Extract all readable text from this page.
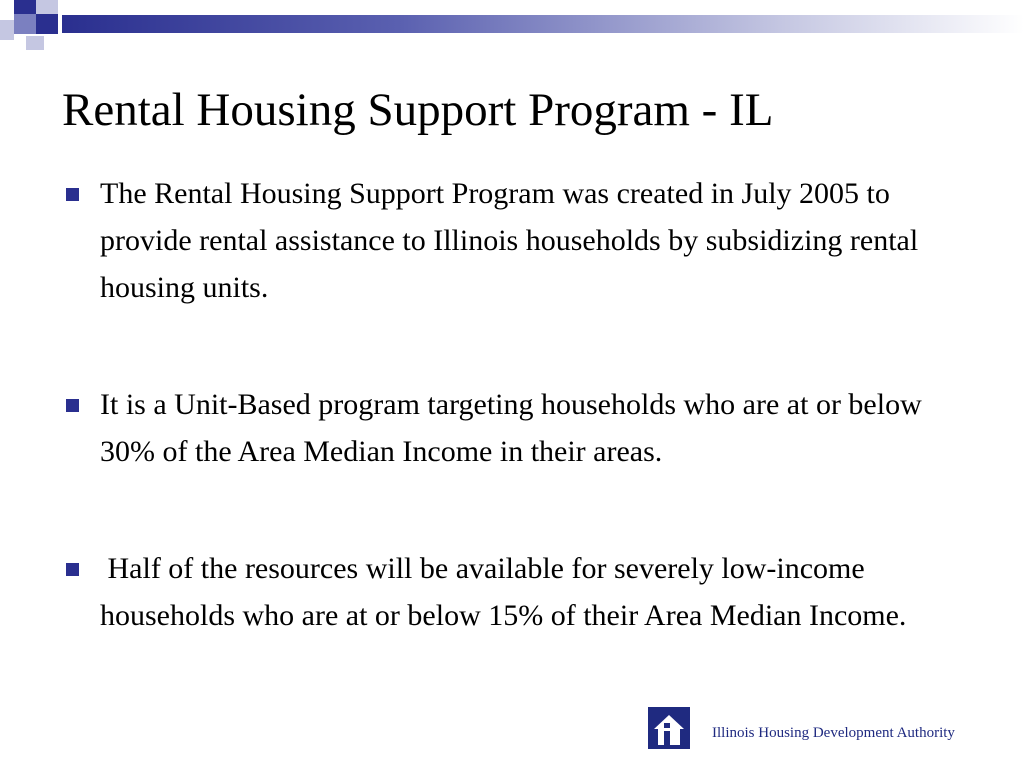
Rental Housing Support Program - IL
The Rental Housing Support Program was created in July 2005 to provide rental assistance to Illinois households by subsidizing rental housing units.
It is a Unit-Based program targeting households who are at or below 30% of the Area Median Income in their areas.
Half of the resources will be available for severely low-income households who are at or below 15% of their Area Median Income.
Illinois Housing Development Authority
